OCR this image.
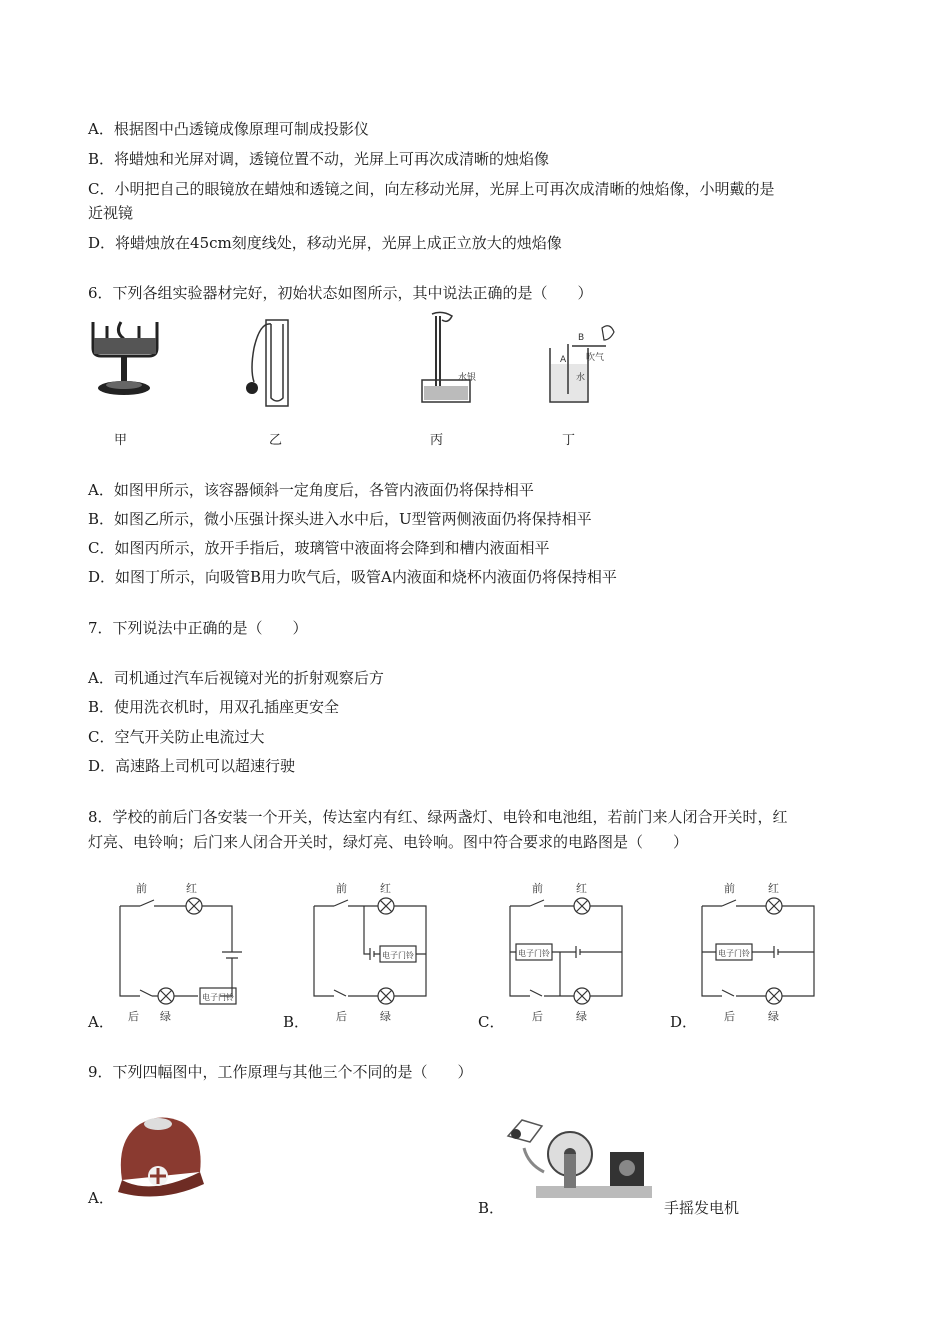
A．根据图中凸透镜成像原理可制成投影仪
B．将蜡烛和光屏对调，透镜位置不动，光屏上可再次成清晰的烛焰像
C．小明把自己的眼镜放在蜡烛和透镜之间，向左移动光屏，光屏上可再次成清晰的烛焰像，小明戴的是
近视镜
D．将蜡烛放在45cm刻度线处，移动光屏，光屏上成正立放大的烛焰像
6．下列各组实验器材完好，初始状态如图所示，其中说法正确的是（　　）
甲	乙
水银
丙
B
吹气
A
水
丁
A．如图甲所示，该容器倾斜一定角度后，各管内液面仍将保持相平
B．如图乙所示，微小压强计探头进入水中后，U型管两侧液面仍将保持相平
C．如图丙所示，放开手指后，玻璃管中液面将会降到和槽内液面相平
D．如图丁所示，向吸管B用力吹气后，吸管A内液面和烧杯内液面仍将保持相平
7．下列说法中正确的是（　　）
A．司机通过汽车后视镜对光的折射观察后方
B．使用洗衣机时，用双孔插座更安全
C．空气开关防止电流过大
D．高速路上司机可以超速行驶
8．学校的前后门各安装一个开关，传达室内有红、绿两盏灯、电铃和电池组，若前门来人闭合开关时，红
灯亮、电铃响；后门来人闭合开关时，绿灯亮、电铃响。图中符合要求的电路图是（　　）
前	红
后 绿
电子门铃
A．
前	红
后	绿
电子门铃
B．
前	红
后	绿
电子门铃
C．
前	红
后	绿
电子门铃
D．
9．下列四幅图中，工作原理与其他三个不同的是（　　）
A．
B．	手摇发电机
